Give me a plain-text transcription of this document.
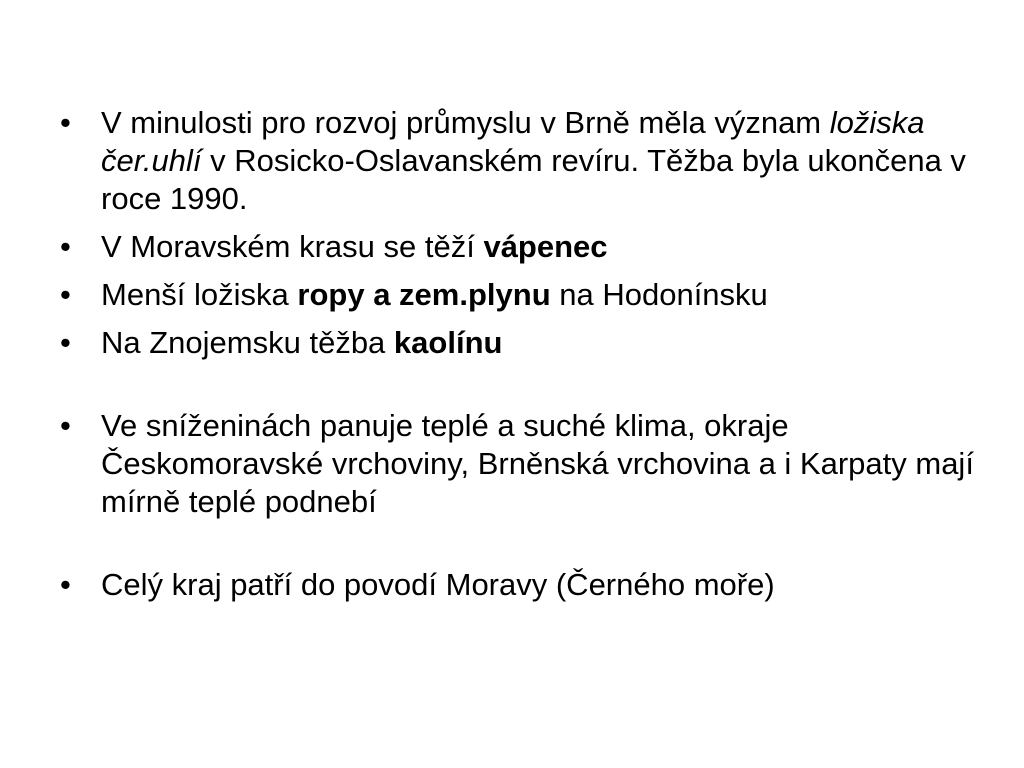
• V minulosti pro rozvoj průmyslu v Brně měla význam ložiska čer.uhlí v Rosicko-Oslavanském revíru. Těžba byla ukončena v roce 1990.
• V Moravském krasu se těží vápenec
• Menší ložiska ropy a zem.plynu na Hodonínsku
• Na Znojemsku těžba kaolínu
• Ve sníženinách panuje teplé a suché klima, okraje Českomoravské vrchoviny, Brněnská vrchovina a i Karpaty mají mírně teplé podnebí
• Celý kraj patří do povodí Moravy (Černého moře)
